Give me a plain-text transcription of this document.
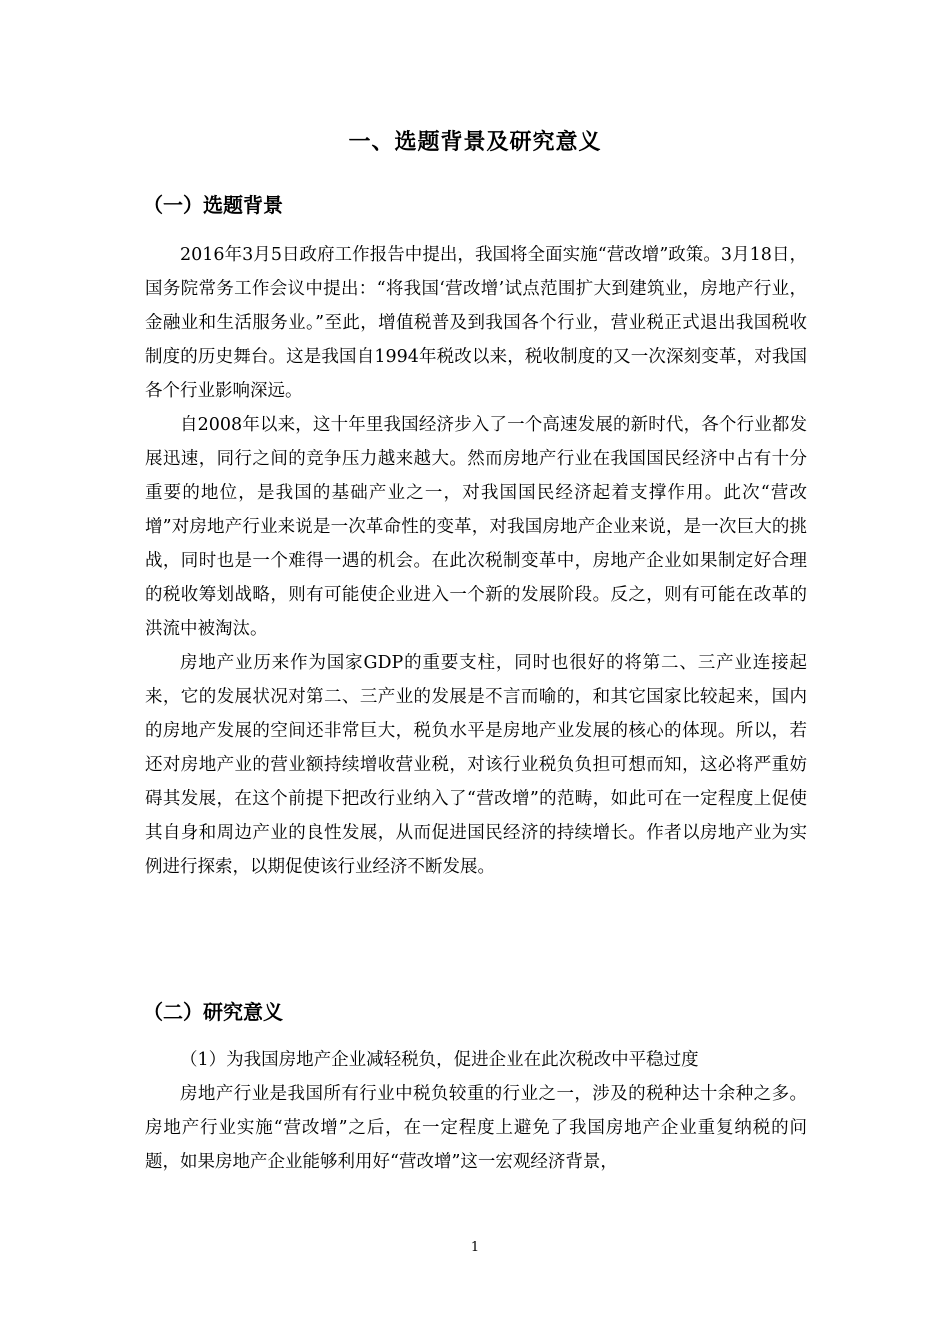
一、选题背景及研究意义
（一）选题背景

2016年3月5日政府工作报告中提出，我国将全面实施“营改增”政策。3月18日，国务院常务工作会议中提出：“将我国‘营改增’试点范围扩大到建筑业，房地产行业，金融业和生活服务业。”至此，增值税普及到我国各个行业，营业税正式退出我国税收制度的历史舞台。这是我国自1994年税改以来，税收制度的又一次深刻变革，对我国各个行业影响深远。

自2008年以来，这十年里我国经济步入了一个高速发展的新时代，各个行业都发展迅速，同行之间的竞争压力越来越大。然而房地产行业在我国国民经济中占有十分重要的地位，是我国的基础产业之一，对我国国民经济起着支撑作用。此次“营改增”对房地产行业来说是一次革命性的变革，对我国房地产企业来说，是一次巨大的挑战，同时也是一个难得一遇的机会。在此次税制变革中，房地产企业如果制定好合理的税收筹划战略，则有可能使企业进入一个新的发展阶段。反之，则有可能在改革的洪流中被淘汰。

房地产业历来作为国家GDP的重要支柱，同时也很好的将第二、三产业连接起来，它的发展状况对第二、三产业的发展是不言而喻的，和其它国家比较起来，国内的房地产发展的空间还非常巨大，税负水平是房地产业发展的核心的体现。所以，若还对房地产业的营业额持续增收营业税，对该行业税负负担可想而知，这必将严重妨碍其发展，在这个前提下把改行业纳入了“营改增”的范畴，如此可在一定程度上促使其自身和周边产业的良性发展，从而促进国民经济的持续增长。作者以房地产业为实例进行探索，以期促使该行业经济不断发展。

（二）研究意义

（1）为我国房地产企业减轻税负，促进企业在此次税改中平稳过度

房地产行业是我国所有行业中税负较重的行业之一，涉及的税种达十余种之多。房地产行业实施“营改增”之后，在一定程度上避免了我国房地产企业重复纳税的问题，如果房地产企业能够利用好“营改增”这一宏观经济背景，

1
